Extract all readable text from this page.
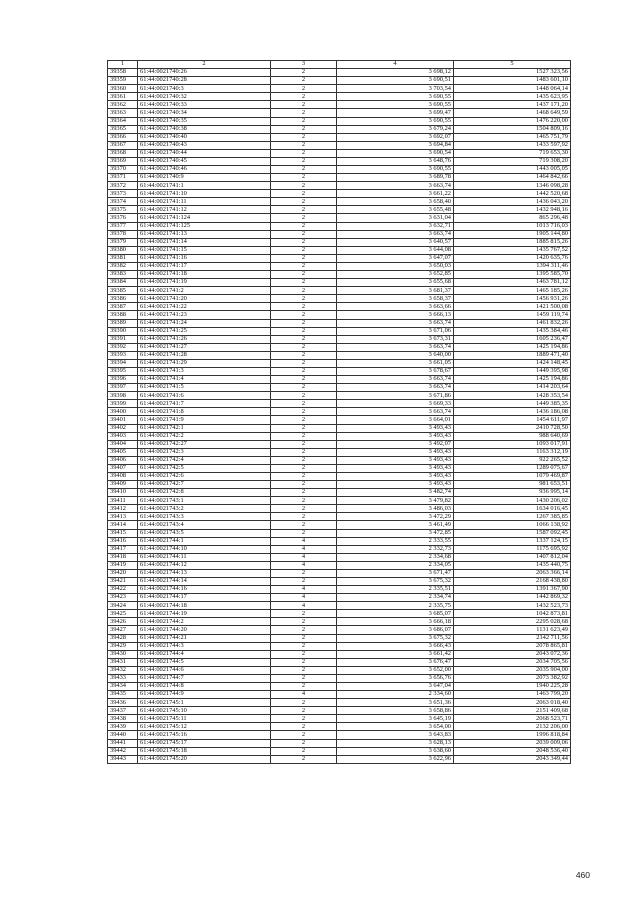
1	2	3	4	5
39358	61:44:0021740:26	2	3 698,12	1527 323,56
39359	61:44:0021740:28	2	3 690,51	1483 601,10
39360	61:44:0021740:3	2	3 703,54	1448 064,14
39361	61:44:0021740:32	2	3 690,55	1435 623,95
39362	61:44:0021740:33	2	3 690,55	1437 171,20
39363	61:44:0021740:34	2	3 699,47	1468 649,59
39364	61:44:0021740:35	2	3 690,55	1476 220,00
39365	61:44:0021740:38	2	3 679,24	1504 809,16
39366	61:44:0021740:40	2	3 692,07	1465 751,79
39367	61:44:0021740:43	2	3 694,84	1433 597,92
39368	61:44:0021740:44	2	3 690,54	719 653,30
39369	61:44:0021740:45	2	3 648,76	719 308,20
39370	61:44:0021740:46	2	3 690,55	1443 005,05
39371	61:44:0021740:9	2	3 689,78	1464 842,66
39372	61:44:0021741:1	2	3 663,74	1346 098,28
39373	61:44:0021741:10	2	3 661,22	1442 520,68
39374	61:44:0021741:11	2	3 658,40	1436 043,20
39375	61:44:0021741:12	2	3 655,48	1432 948,16
39376	61:44:0021741:124	2	3 631,04	865 296,48
39377	61:44:0021741:125	2	3 632,71	1013 716,03
39378	61:44:0021741:13	2	3 663,74	1905 144,80
39379	61:44:0021741:14	2	3 640,57	1885 815,26
39380	61:44:0021741:15	2	3 644,08	1435 767,52
39381	61:44:0021741:16	2	3 647,07	1420 635,76
39382	61:44:0021741:17	2	3 650,03	1394 311,46
39383	61:44:0021741:18	2	3 652,85	1395 585,70
39384	61:44:0021741:19	2	3 655,68	1463 781,12
39385	61:44:0021741:2	2	3 681,37	1465 185,26
39386	61:44:0021741:20	2	3 658,37	1456 931,26
39387	61:44:0021741:22	2	3 663,66	1421 500,08
39388	61:44:0021741:23	2	3 666,13	1459 119,74
39389	61:44:0021741:24	2	3 663,74	1461 832,26
39390	61:44:0021741:25	2	3 671,06	1435 384,46
39391	61:44:0021741:26	2	3 673,31	1605 236,47
39392	61:44:0021741:27	2	3 663,74	1425 194,86
39393	61:44:0021741:28	2	3 640,00	1889 471,40
39394	61:44:0021741:29	2	3 661,05	1424 148,45
39395	61:44:0021741:3	2	3 678,67	1449 395,98
39396	61:44:0021741:4	2	3 663,74	1425 194,86
39397	61:44:0021741:5	2	3 663,74	1414 203,64
39398	61:44:0021741:6	2	3 671,86	1428 353,54
39399	61:44:0021741:7	2	3 669,33	1449 385,35
39400	61:44:0021741:8	2	3 663,74	1436 186,08
39401	61:44:0021741:9	2	3 664,01	1454 611,97
39402	61:44:0021742:1	2	3 493,43	2410 728,50
39403	61:44:0021742:2	2	3 493,43	988 640,69
39404	61:44:0021742:27	2	3 492,07	1093 017,91
39405	61:44:0021742:3	2	3 493,43	1163 312,19
39406	61:44:0021742:4	2	3 493,43	922 265,52
39407	61:44:0021742:5	2	3 493,43	1289 075,67
39408	61:44:0021742:6	2	3 493,43	1079 469,87
39409	61:44:0021742:7	2	3 493,43	981 653,51
39410	61:44:0021742:8	2	3 482,74	936 995,14
39411	61:44:0021743:1	2	3 479,82	1430 206,02
39412	61:44:0021743:2	2	3 486,03	1634 016,45
39413	61:44:0021743:3	2	3 472,29	1267 385,85
39414	61:44:0021743:4	2	3 461,49	1066 138,92
39415	61:44:0021743:5	2	3 472,85	1587 092,45
39416	61:44:0021744:1	4	2 333,55	1337 124,15
39417	61:44:0021744:10	4	2 332,73	1175 695,92
39418	61:44:0021744:11	4	2 334,68	1407 812,04
39419	61:44:0021744:12	4	2 334,05	1435 440,75
39420	61:44:0021744:13	2	3 671,47	2063 366,14
39421	61:44:0021744:14	2	3 675,32	2168 438,80
39422	61:44:0021744:16	4	2 335,51	1391 367,90
39423	61:44:0021744:17	4	2 334,74	1442 869,32
39424	61:44:0021744:18	4	2 335,75	1432 523,73
39425	61:44:0021744:19	2	3 685,07	1042 873,81
39426	61:44:0021744:2	2	3 666,18	2295 028,68
39427	61:44:0021744:20	2	3 686,07	1131 623,49
39428	61:44:0021744:21	2	3 675,32	2142 711,56
39429	61:44:0021744:3	2	3 666,43	2078 865,81
39430	61:44:0021744:4	2	3 661,42	2043 072,36
39431	61:44:0021744:5	2	3 676,47	2034 705,56
39432	61:44:0021744:6	2	3 652,00	2035 904,00
39433	61:44:0021744:7	2	3 656,76	2073 382,92
39434	61:44:0021744:8	2	3 647,04	1940 225,28
39435	61:44:0021744:9	4	2 334,60	1463 799,20
39436	61:44:0021745:1	2	3 651,36	2063 018,40
39437	61:44:0021745:10	2	3 658,86	2151 409,68
39438	61:44:0021745:11	2	3 645,19	2068 523,71
39439	61:44:0021745:12	2	3 654,00	2132 206,00
39440	61:44:0021745:16	2	3 643,83	1996 818,84
39441	61:44:0021745:17	2	3 628,13	2039 009,06
39442	61:44:0021745:18	2	3 638,60	2048 536,40
39443	61:44:0021745:20	2	3 622,96	2043 349,44
460
